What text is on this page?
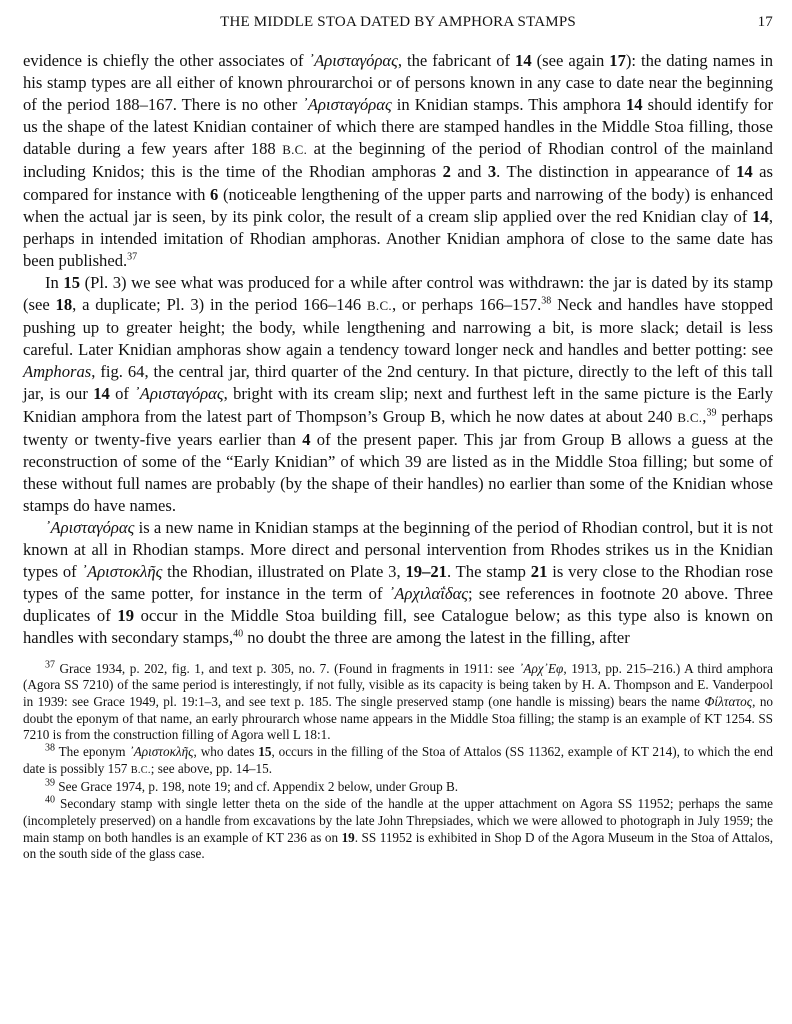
THE MIDDLE STOA DATED BY AMPHORA STAMPS	17

evidence is chiefly the other associates of ᾿Αρισταγόρας, the fabricant of 14 (see again 17): the dating names in his stamp types are all either of known phrourarchoi or of persons known in any case to date near the beginning of the period 188–167. There is no other ᾿Αρισταγόρας in Knidian stamps. This amphora 14 should identify for us the shape of the latest Knidian container of which there are stamped handles in the Middle Stoa filling, those datable during a few years after 188 B.C. at the beginning of the period of Rhodian control of the mainland including Knidos; this is the time of the Rhodian amphoras 2 and 3. The distinction in appearance of 14 as compared for instance with 6 (noticeable lengthening of the upper parts and narrowing of the body) is enhanced when the actual jar is seen, by its pink color, the result of a cream slip applied over the red Knidian clay of 14, perhaps in intended imitation of Rhodian amphoras. Another Knidian amphora of close to the same date has been published.$^{37}$

In 15 (Pl. 3) we see what was produced for a while after control was withdrawn: the jar is dated by its stamp (see 18, a duplicate; Pl. 3) in the period 166–146 B.C., or perhaps 166–157.38 Neck and handles have stopped pushing up to greater height; the body, while lengthening and narrowing a bit, is more slack; detail is less careful. Later Knidian amphoras show again a tendency toward longer neck and handles and better potting: see Amphoras, fig. 64, the central jar, third quarter of the 2nd century. In that picture, directly to the left of this tall jar, is our 14 of ᾿Αρισταγόρας, bright with its cream slip; next and furthest left in the same picture is the Early Knidian amphora from the latest part of Thompson’s Group B, which he now dates at about 240 B.C.,$^{39}$ perhaps twenty or twenty-five years earlier than 4 of the present paper. This jar from Group B allows a guess at the reconstruction of some of the “Early Knidian” of which 39 are listed as in the Middle Stoa filling; but some of these without full names are probably (by the shape of their handles) no earlier than some of the Knidian whose stamps do have names.

᾿Αρισταγόρας is a new name in Knidian stamps at the beginning of the period of Rhodian control, but it is not known at all in Rhodian stamps. More direct and personal intervention from Rhodes strikes us in the Knidian types of ᾿Αριστοκλῆς the Rhodian, illustrated on Plate 3, 19–21. The stamp 21 is very close to the Rhodian rose types of the same potter, for instance in the term of ᾿Αρχιλαΐδας; see references in footnote 20 above. Three duplicates of 19 occur in the Middle Stoa building fill, see Catalogue below; as this type also is known on handles with secondary stamps,$^{40}$ no doubt the three are among the latest in the filling, after

$^{37}$ Grace 1934, p. 202, fig. 1, and text p. 305, no. 7. (Found in fragments in 1911: see ᾿Αρχ᾿Εφ, 1913, pp. 215–216.) A third amphora (Agora SS 7210) of the same period is interestingly, if not fully, visible as its capacity is being taken by H. A. Thompson and E. Vanderpool in 1939: see Grace 1949, pl. 19:1–3, and see text p. 185. The single preserved stamp (one handle is missing) bears the name Φίλτατος, no doubt the eponym of that name, an early phrourarch whose name appears in the Middle Stoa filling; the stamp is an example of KT 1254. SS 7210 is from the construction filling of Agora well L 18:1.

$^{38}$ The eponym ᾿Αριστοκλῆς, who dates 15, occurs in the filling of the Stoa of Attalos (SS 11362, example of KT 214), to which the end date is possibly 157 B.C.; see above, pp. 14–15.

$^{39}$ See Grace 1974, p. 198, note 19; and cf. Appendix 2 below, under Group B.

$^{40}$ Secondary stamp with single letter theta on the side of the handle at the upper attachment on Agora SS 11952; perhaps the same (incompletely preserved) on a handle from excavations by the late John Threpsiades, which we were allowed to photograph in July 1959; the main stamp on both handles is an example of KT 236 as on 19. SS 11952 is exhibited in Shop D of the Agora Museum in the Stoa of Attalos, on the south side of the glass case.
